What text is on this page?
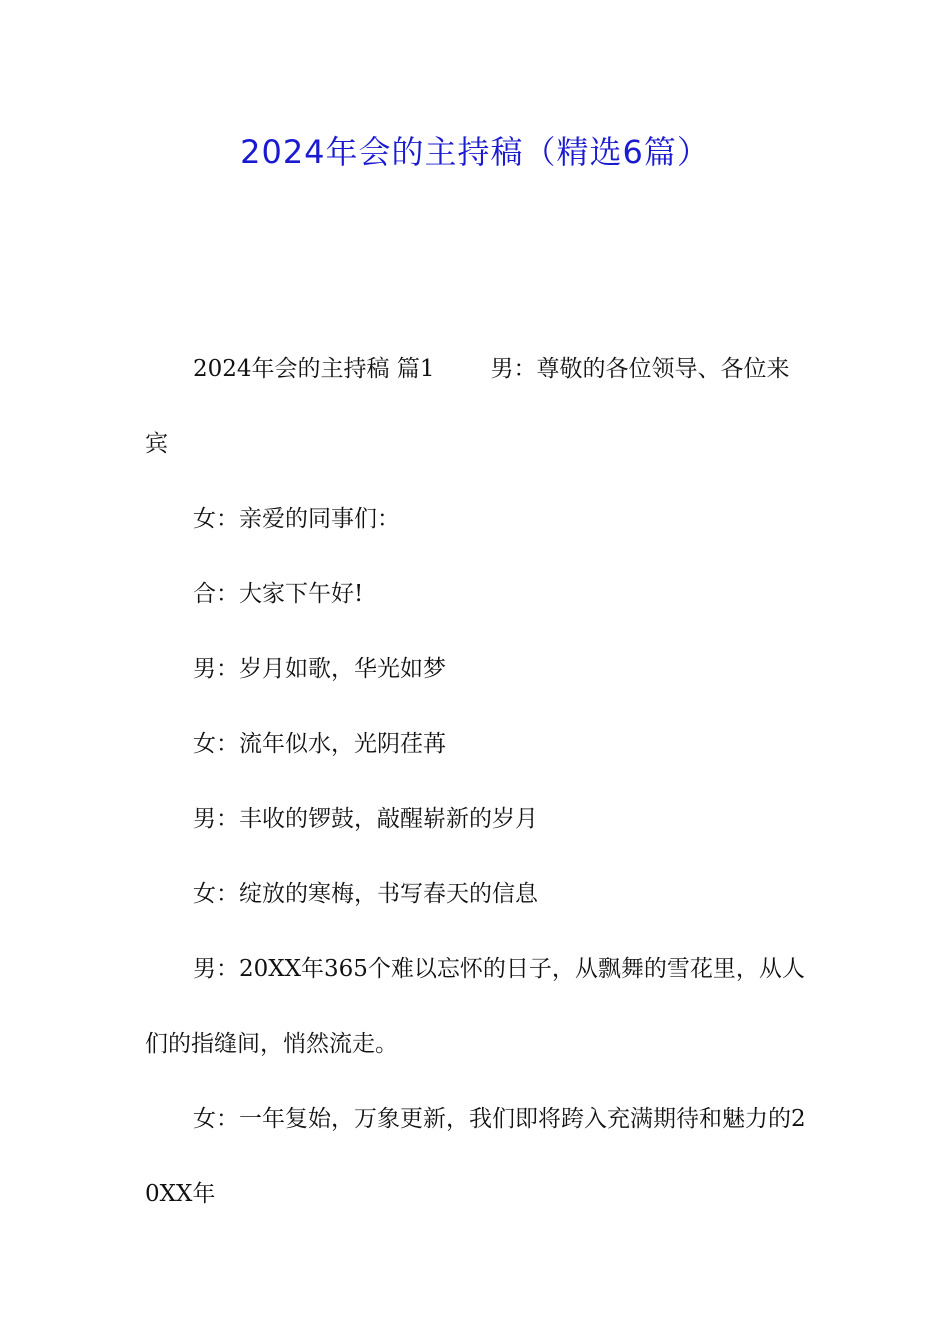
2024年会的主持稿（精选6篇）

2024年会的主持稿 篇1 男：尊敬的各位领导、各位来宾

女：亲爱的同事们：

合：大家下午好!

男：岁月如歌，华光如梦

女：流年似水，光阴荏苒

男：丰收的锣鼓，敲醒崭新的岁月

女：绽放的寒梅，书写春天的信息

男：20XX年365个难以忘怀的日子，从飘舞的雪花里，从人们的指缝间，悄然流走。

女：一年复始，万象更新，我们即将跨入充满期待和魅力的20XX年
